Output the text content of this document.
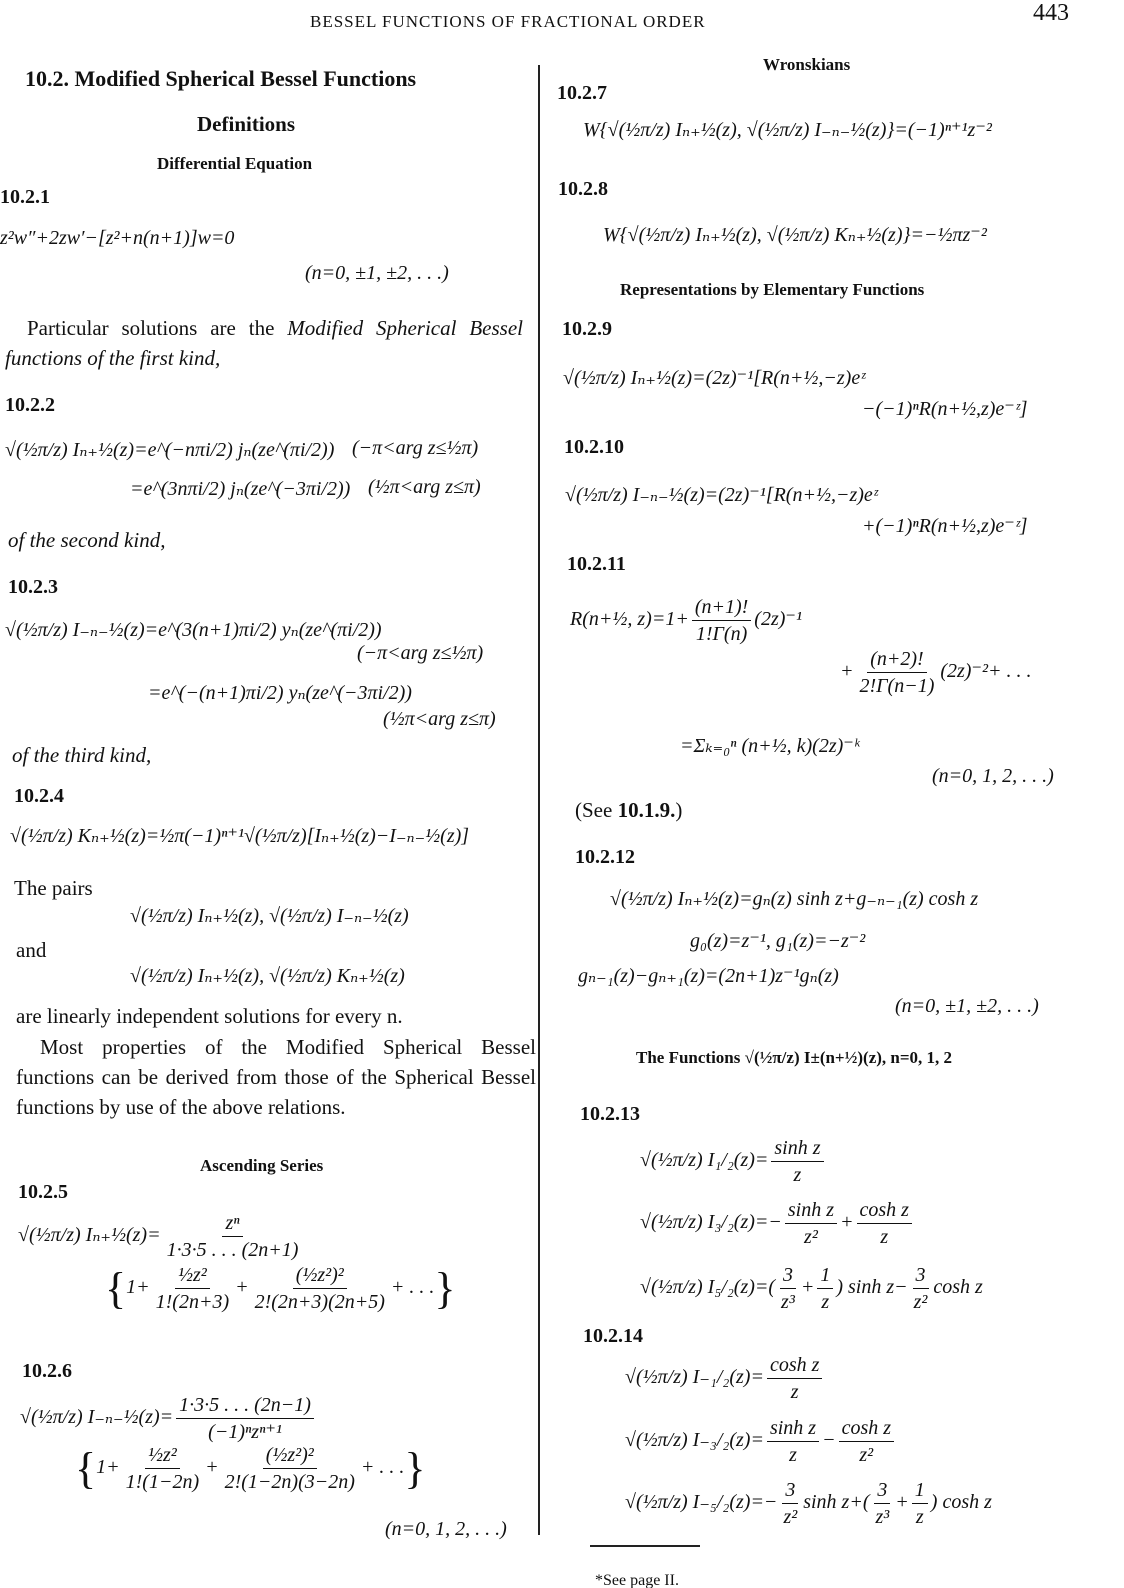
BESSEL FUNCTIONS OF FRACTIONAL ORDER	443
10.2. Modified Spherical Bessel Functions
Definitions
Differential Equation
10.2.1
z²w″+2zw′−[z²+n(n+1)]w=0
(n=0, ±1, ±2, . . .)
Particular solutions are the Modified Spherical Bessel functions of the first kind,
10.2.2
√(½π/z) Iₙ₊½(z)=e^(−nπi/2) jₙ(ze^(πi/2)) (−π<arg z≤½π)
=e^(3nπi/2) jₙ(ze^(−3πi/2)) (½π<arg z≤π)
of the second kind,
10.2.3
√(½π/z) I₋ₙ₋½(z)=e^(3(n+1)πi/2) yₙ(ze^(πi/2))
(−π<arg z≤½π)
=e^(−(n+1)πi/2) yₙ(ze^(−3πi/2))
(½π<arg z≤π)
of the third kind,
10.2.4
√(½π/z) Kₙ₊½(z)=½π(−1)ⁿ⁺¹√(½π/z)[Iₙ₊½(z)−I₋ₙ₋½(z)]
The pairs
√(½π/z) Iₙ₊½(z), √(½π/z) I₋ₙ₋½(z)
and
√(½π/z) Iₙ₊½(z), √(½π/z) Kₙ₊½(z)
are linearly independent solutions for every n.
Most properties of the Modified Spherical Bessel functions can be derived from those of the Spherical Bessel functions by use of the above relations.
Ascending Series
10.2.5
√(½π/z) Iₙ₊½(z)= $\frac{\text{zⁿ}}{1\cdot 3\cdot 5 . . . (2n+1)}$
{$1+ \frac{\text{½z²}}{1!(2n+3)} + \frac{\text{(½z²)²}}{2!(2n+3)(2n+5)}$ + . . .}
10.2.6
√(½π/z) I₋ₙ₋½(z)=
1·3·5 . . . (2n−1)
(−1)ⁿzⁿ⁺¹
{$1+ \frac{\text{½z²}}{1!(1-2n)} + \frac{\text{(½z²)²}}{2!(1-2n)(3-2n)}$ + . . .}
(n=0, 1, 2, . . .)
Wronskians
10.2.7
W{√(½π/z) Iₙ₊½(z), √(½π/z) I₋ₙ₋½(z)}=(−1)ⁿ⁺¹z⁻²
10.2.8
W{√(½π/z) Iₙ₊½(z), √(½π/z) Kₙ₊½(z)}=−½πz⁻²
Representations by Elementary Functions
10.2.9
√(½π/z) Iₙ₊½(z)=(2z)⁻¹[R(n+½,−z)eᶻ
−(−1)ⁿR(n+½,z)e⁻ᶻ]
10.2.10
√(½π/z) I₋ₙ₋½(z)=(2z)⁻¹[R(n+½,−z)eᶻ
+(−1)ⁿR(n+½,z)e⁻ᶻ]
10.2.11
R(n+½, $z)=1+ \frac{(n+1)!}{1!\Gamma(n)} (2z)^{-1}$
+ $\frac{(n+2)!}{2!\Gamma(n-1)} (2z)^{-2}+$ . . .
=Σₖ₌₀ⁿ (n+½, k)(2z)⁻ᵏ
(n=0, 1, 2, . . .)
(See 10.1.9.)
10.2.12
√(½π/z) Iₙ₊½(z)=gₙ(z) sinh z+g₋ₙ₋₁(z) cosh z
g₀(z)=z⁻¹, g₁(z)=−z⁻²
gₙ₋₁(z)−gₙ₊₁(z)=(2n+1)z⁻¹gₙ(z)
(n=0, ±1, ±2, . . .)
The Functions √(½π/z) I±(n+½)(z), n=0, 1, 2
10.2.13
√(½π/z) $I_1/_2(z)= \frac{\text{sinh z}}{z}$
√(½π/z) $I_3/_2(z)=- \frac{\text{sinh z}}{\text{z²}} + \frac{\text{cosh z}}{z}$
√(½π/z) $I_5/_2(z)=( \frac{3}{\text{z³}} + \frac{1}{z}$ ) $\sinh z- \frac{3}{\text{z²}}$ cosh z
10.2.14
√(½π/z) $I_{-1}/_2(z)= \frac{\text{cosh z}}{z}$
√(½π/z) $I_{-3}/_2(z)= \frac{\text{sinh z}}{z} - \frac{\text{cosh z}}{\text{z²}}$
√(½π/z) $I_{-5}/_2(z)=- \frac{3}{\text{z²}}$ $\sinh z+( \frac{3}{\text{z³}} + \frac{1}{z}$ ) cosh z
*See page II.
